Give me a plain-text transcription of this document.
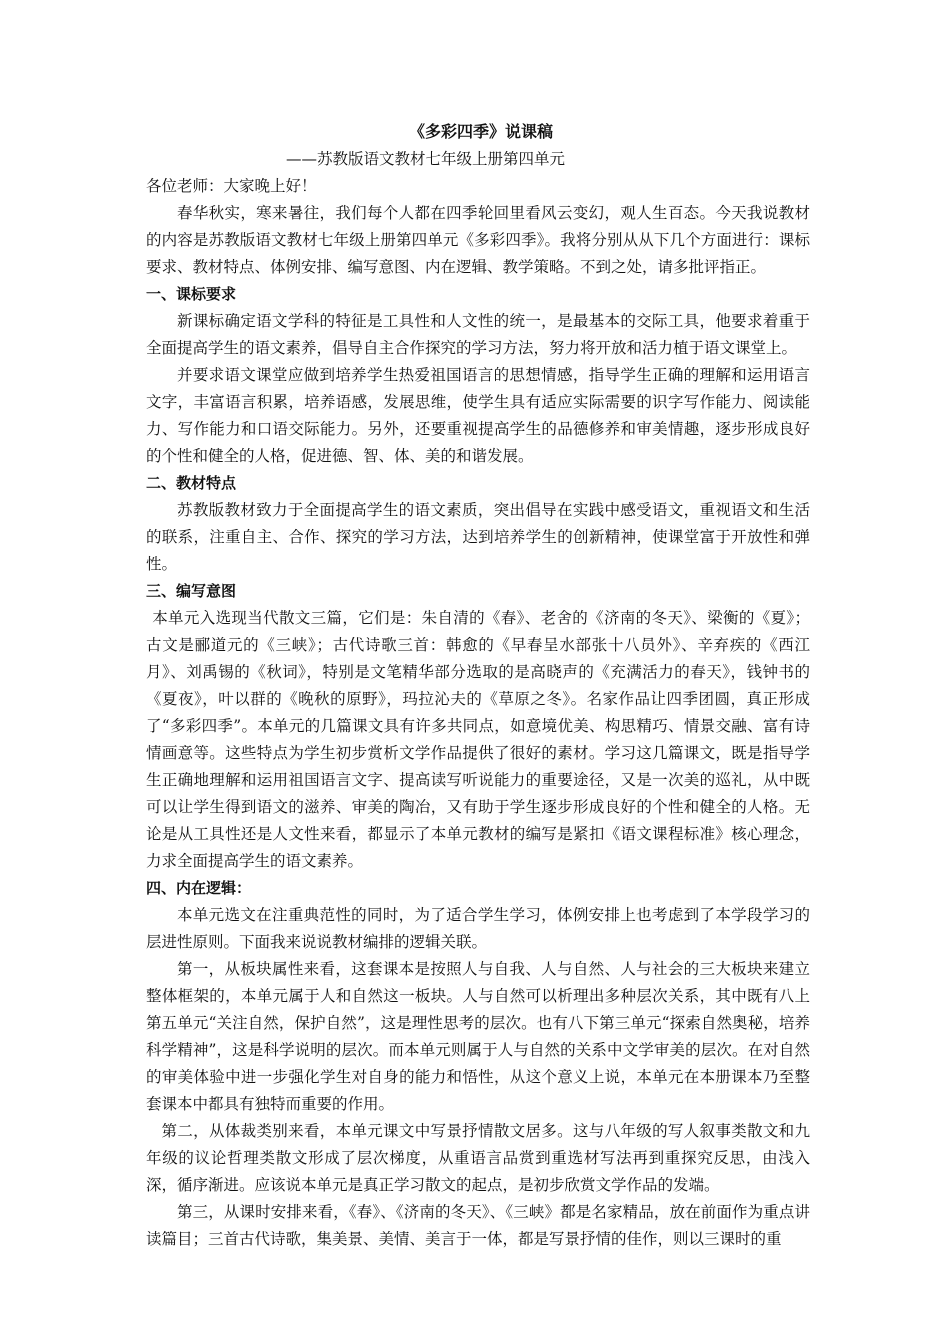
《多彩四季》说课稿

——苏教版语文教材七年级上册第四单元

各位老师：大家晚上好！

春华秋实，寒来暑往，我们每个人都在四季轮回里看风云变幻，观人生百态。今天我说教材的内容是苏教版语文教材七年级上册第四单元《多彩四季》。我将分别从从下几个方面进行：课标要求、教材特点、体例安排、编写意图、内在逻辑、教学策略。不到之处，请多批评指正。

一、课标要求

新课标确定语文学科的特征是工具性和人文性的统一，是最基本的交际工具，他要求着重于全面提高学生的语文素养，倡导自主合作探究的学习方法，努力将开放和活力植于语文课堂上。

并要求语文课堂应做到培养学生热爱祖国语言的思想情感，指导学生正确的理解和运用语言文字，丰富语言积累，培养语感，发展思维，使学生具有适应实际需要的识字写作能力、阅读能力、写作能力和口语交际能力。另外，还要重视提高学生的品德修养和审美情趣，逐步形成良好的个性和健全的人格，促进德、智、体、美的和谐发展。

二、教材特点

苏教版教材致力于全面提高学生的语文素质，突出倡导在实践中感受语文，重视语文和生活的联系，注重自主、合作、探究的学习方法，达到培养学生的创新精神，使课堂富于开放性和弹性。

三、编写意图

本单元入选现当代散文三篇，它们是：朱自清的《春》、老舍的《济南的冬天》、梁衡的《夏》；古文是郦道元的《三峡》；古代诗歌三首：韩愈的《早春呈水部张十八员外》、辛弃疾的《西江月》、刘禹锡的《秋词》，特别是文笔精华部分选取的是高晓声的《充满活力的春天》，钱钟书的《夏夜》，叶以群的《晚秋的原野》，玛拉沁夫的《草原之冬》。名家作品让四季团圆，真正形成了“多彩四季”。本单元的几篇课文具有许多共同点，如意境优美、构思精巧、情景交融、富有诗情画意等。这些特点为学生初步赏析文学作品提供了很好的素材。学习这几篇课文，既是指导学生正确地理解和运用祖国语言文字、提高读写听说能力的重要途径，又是一次美的巡礼，从中既可以让学生得到语文的滋养、审美的陶冶，又有助于学生逐步形成良好的个性和健全的人格。无论是从工具性还是人文性来看，都显示了本单元教材的编写是紧扣《语文课程标准》核心理念，力求全面提高学生的语文素养。

四、内在逻辑：

本单元选文在注重典范性的同时，为了适合学生学习，体例安排上也考虑到了本学段学习的层进性原则。下面我来说说教材编排的逻辑关联。

第一，从板块属性来看，这套课本是按照人与自我、人与自然、人与社会的三大板块来建立整体框架的，本单元属于人和自然这一板块。人与自然可以析理出多种层次关系，其中既有八上第五单元“关注自然，保护自然”，这是理性思考的层次。也有八下第三单元“探索自然奥秘，培养科学精神”，这是科学说明的层次。而本单元则属于人与自然的关系中文学审美的层次。在对自然的审美体验中进一步强化学生对自身的能力和悟性，从这个意义上说，本单元在本册课本乃至整套课本中都具有独特而重要的作用。

第二，从体裁类别来看，本单元课文中写景抒情散文居多。这与八年级的写人叙事类散文和九年级的议论哲理类散文形成了层次梯度，从重语言品赏到重选材写法再到重探究反思，由浅入深，循序渐进。应该说本单元是真正学习散文的起点，是初步欣赏文学作品的发端。

第三，从课时安排来看，《春》、《济南的冬天》、《三峡》都是名家精品，放在前面作为重点讲读篇目；三首古代诗歌，集美景、美情、美言于一体，都是写景抒情的佳作，则以三课时的重
